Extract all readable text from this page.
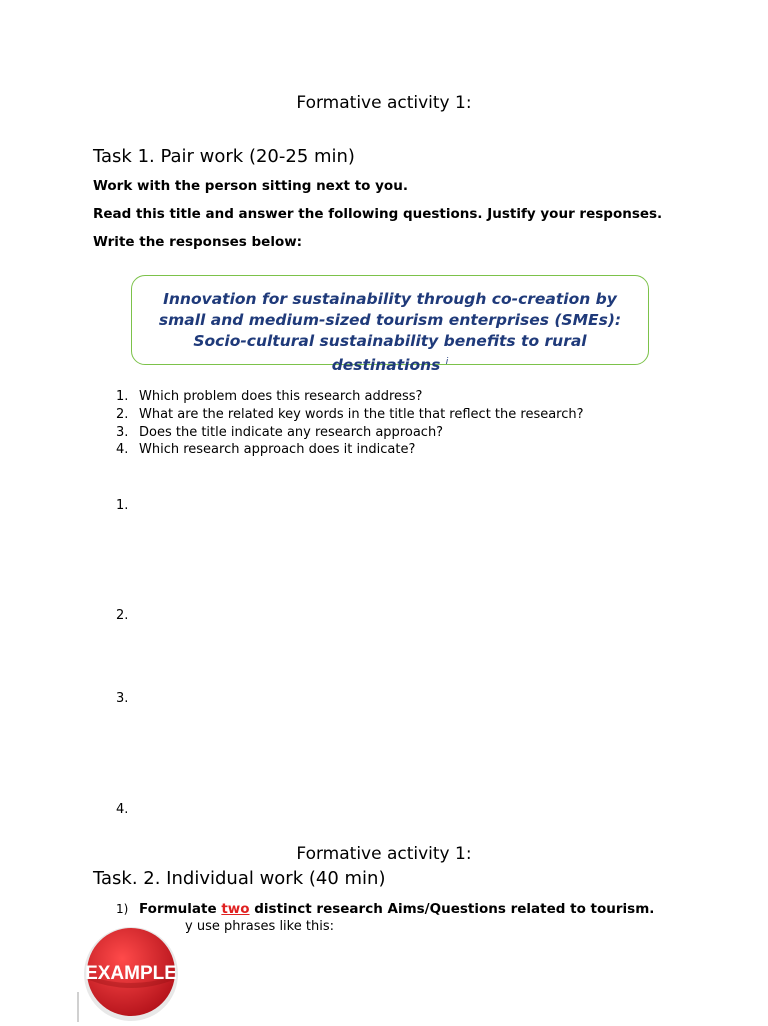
Formative activity 1:
Task 1. Pair work (20-25 min)
Work with the person sitting next to you.
Read this title and answer the following questions. Justify your responses.
Write the responses below:
Innovation for sustainability through co-creation by small and medium-sized tourism enterprises (SMEs): Socio-cultural sustainability benefits to rural destinations $^i$
1. Which problem does this research address?
2. What are the related key words in the title that reflect the research?
3. Does the title indicate any research approach?
4. Which research approach does it indicate?
1.
2.
3.
4.
Formative activity 1:
Task. 2. Individual work (40 min)
1) Formulate two distinct research Aims/Questions related to tourism.
y use phrases like this:
EXAMPLE
